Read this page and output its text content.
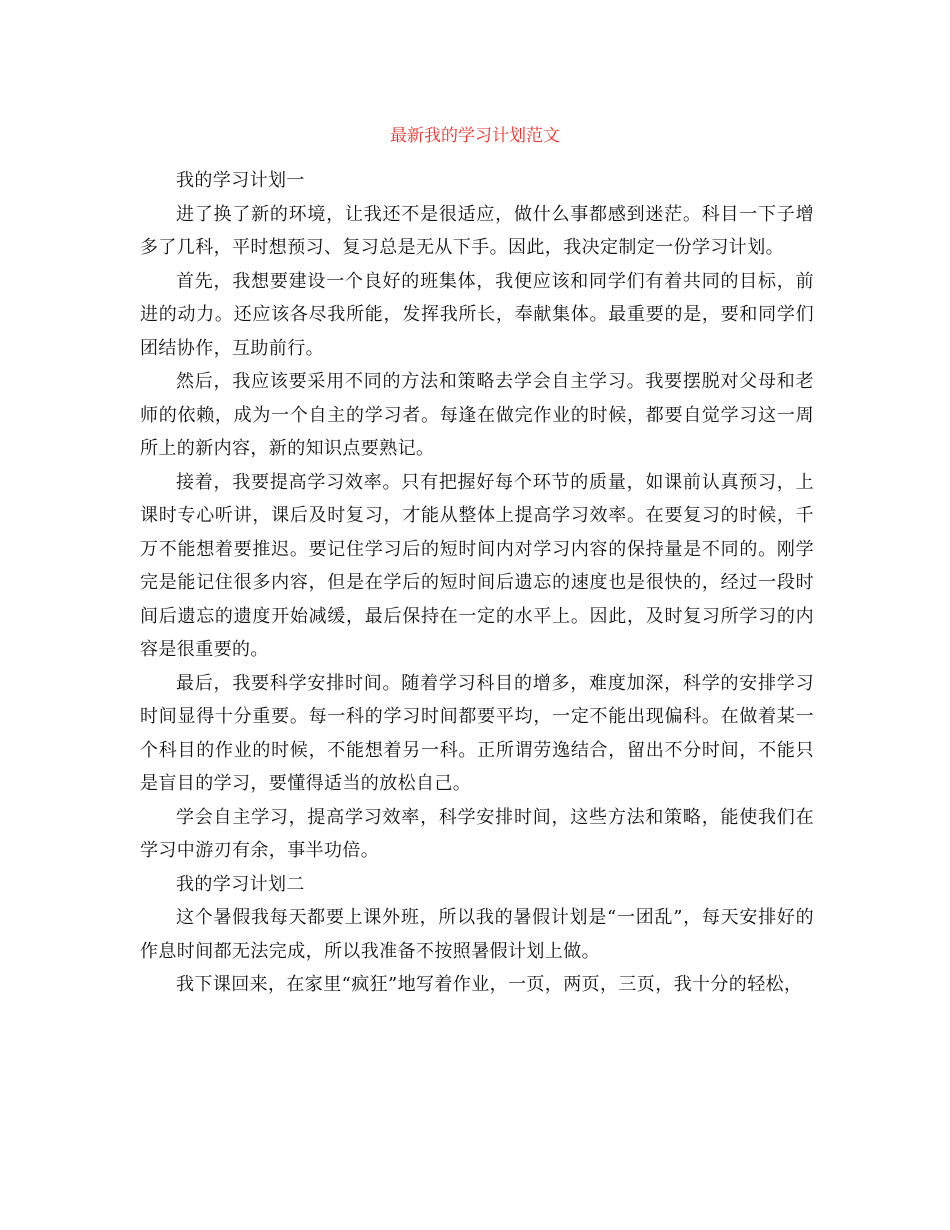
最新我的学习计划范文

我的学习计划一

进了换了新的环境，让我还不是很适应，做什么事都感到迷茫。科目一下子增多了几科，平时想预习、复习总是无从下手。因此，我决定制定一份学习计划。

首先，我想要建设一个良好的班集体，我便应该和同学们有着共同的目标，前进的动力。还应该各尽我所能，发挥我所长，奉献集体。最重要的是，要和同学们团结协作，互助前行。

然后，我应该要采用不同的方法和策略去学会自主学习。我要摆脱对父母和老师的依赖，成为一个自主的学习者。每逢在做完作业的时候，都要自觉学习这一周所上的新内容，新的知识点要熟记。

接着，我要提高学习效率。只有把握好每个环节的质量，如课前认真预习，上课时专心听讲，课后及时复习，才能从整体上提高学习效率。在要复习的时候，千万不能想着要推迟。要记住学习后的短时间内对学习内容的保持量是不同的。刚学完是能记住很多内容，但是在学后的短时间后遗忘的速度也是很快的，经过一段时间后遗忘的遗度开始减缓，最后保持在一定的水平上。因此，及时复习所学习的内容是很重要的。

最后，我要科学安排时间。随着学习科目的增多，难度加深，科学的安排学习时间显得十分重要。每一科的学习时间都要平均，一定不能出现偏科。在做着某一个科目的作业的时候，不能想着另一科。正所谓劳逸结合，留出不分时间，不能只是盲目的学习，要懂得适当的放松自己。

学会自主学习，提高学习效率，科学安排时间，这些方法和策略，能使我们在学习中游刃有余，事半功倍。

我的学习计划二

这个暑假我每天都要上课外班，所以我的暑假计划是“一团乱”，每天安排好的作息时间都无法完成，所以我准备不按照暑假计划上做。

我下课回来，在家里“疯狂”地写着作业，一页，两页，三页，我十分的轻松，
